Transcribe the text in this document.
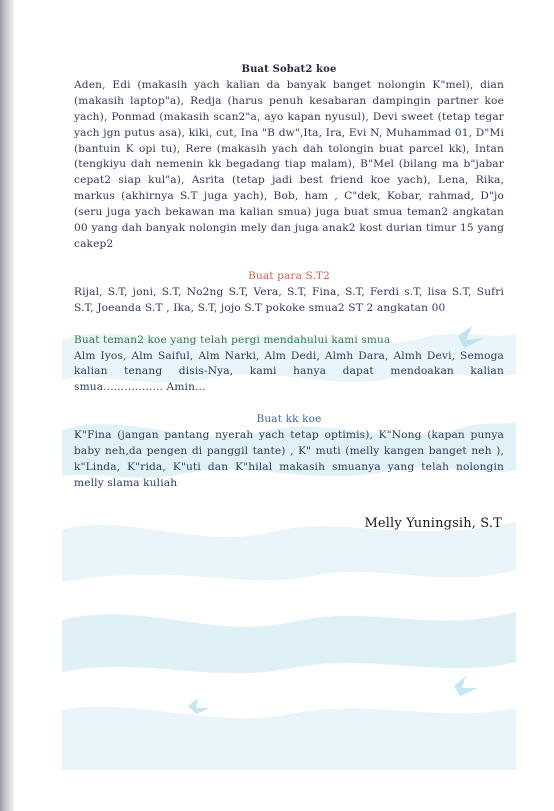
Buat Sobat2 koe

Aden, Edi (makasih yach kalian da banyak banget nolongin K"mel), dian (makasih laptop"a), Redja (harus penuh kesabaran dampingin partner koe yach), Ponmad (makasih scan2"a, ayo kapan nyusul), Devi sweet (tetap tegar yach jgn putus asa), kiki, cut, Ina "B dw",Ita, Ira, Evi N, Muhammad 01, D"Mi (bantuin K opi tu), Rere (makasih yach dah tolongin buat parcel kk), Intan (tengkiyu dah nemenin kk begadang tiap malam), B"Mel (bilang ma b"jabar cepat2 siap kul"a), Asrita (tetap jadi best friend koe yach), Lena, Rika, markus (akhirnya S.T juga yach), Bob, ham , C"dek, Kobar, rahmad, D"jo (seru juga yach bekawan ma kalian smua) juga buat smua teman2 angkatan 00 yang dah banyak nolongin mely dan juga anak2 kost durian timur 15 yang cakep2

Buat para S.T2

Rijal, S.T, joni, S.T, No2ng S.T, Vera, S.T, Fina, S.T, Ferdi s.T, lisa S.T, Sufri S.T, Joeanda S.T , Ika, S.T, jojo S.T pokoke smua2 ST 2 angkatan 00

Buat teman2 koe yang telah pergi mendahului kami smua

Alm Iyos, Alm Saiful, Alm Narki, Alm Dedi, Almh Dara, Almh Devi, Semoga kalian tenang disis-Nya, kami hanya dapat mendoakan kalian smua................. Amin...

Buat kk koe

K"Fina (jangan pantang nyerah yach tetap optimis), K"Nong (kapan punya baby neh,da pengen di panggil tante) , K" muti (melly kangen banget neh ), k"Linda, K"rida, K"uti dan K"hilal makasih smuanya yang telah nolongin melly slama kuliah

Melly Yuningsih, S.T
